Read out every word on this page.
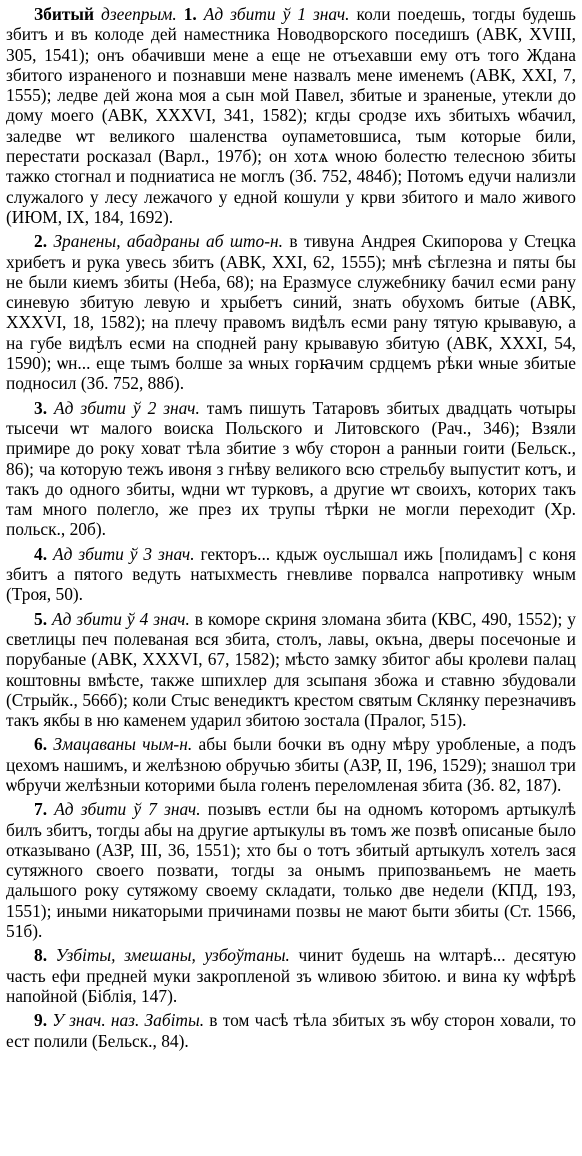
Збитый дзеепрым. 1. Ад збити ў 1 знач. коли поедешь, тогды будешь збитъ и въ колоде дей наместника Новодворского поседишъ (АВК, XVIII, 305, 1541); онъ обачивши мене а еще не отъехавши ему отъ того Ждана збитого израненого и познавши мене назвалъ мене именемъ (АВК, XXI, 7, 1555); ледве дей жона моя а сын мой Павел, збитые и зраненые, утекли до дому моего (АВК, XXXVI, 341, 1582); кгды сродзе ихъ збитыхъ ѡбачил, заледве ѡт великого шаленства оупаметовшиса, тым которые били, перестати росказал (Варл., 197б); он хотѧ ѡною болестю телесною збиты тажко стогнал и подниатиса не моглъ (Зб. 752, 484б); Потомъ едучи нализли служалого у лесу лежачого у едной кошули у крви збитого и мало живого (ИЮМ, IX, 184, 1692).

2. Зранены, абадраны аб што-н. в тивуна Андрея Скипорова у Стецка хрибетъ и рука увесь збитъ (АВК, XXI, 62, 1555); мнѣ сѣглезна и пяты бы не были киемъ збиты (Неба, 68); на Еразмусе служебнику бачил есми рану синевую збитую левую и хрыбетъ синий, знать обухомъ битые (АВК, XXXVI, 18, 1582); на плечу правомъ видѣлъ есми рану тятую крывавую, а на губе видѣлъ есми на сподней рану крывавую збитую (АВК, XXXI, 54, 1590); ѡн... еще тымъ болше за ѡных горꙗчим срдцемъ рѣки ѡные збитые подносил (Зб. 752, 88б).

3. Ад збити ў 2 знач. тамъ пишуть Татаровъ збитых двадцать чотыры тысечи ѡт малого воиска Польского и Литовского (Рач., 346); Взяли примире до року ховат тѣла збитие з ѡбу сторон а ранныи гоити (Бельск., 86); ча которую тежъ ивоня з гнѣву великого всю стрельбу выпустит котъ, и такъ до одного збиты, ѡдни ѡт турковъ, а другие ѡт своихъ, которих такъ там много полегло, же през их трупы тѣрки не могли переходит (Хр. польск., 20б).

4. Ад збити ў 3 знач. гекторъ... кдыж оуслышал ижь [полидамъ] с коня збитъ а пятого ведуть натыхместь гневливе порвалса напротивку ѡным (Троя, 50).

5. Ад збити ў 4 знач. в коморе скриня зломана збита (КВС, 490, 1552); у светлицы печ полеваная вся збита, столъ, лавы, окъна, дверы посечоные и порубаные (АВК, XXXVI, 67, 1582); мѣсто замку збитог абы кролеви палац коштовны вмѣсте, также шпихлер для зсыпаня збожа и ставню збудовали (Стрыйк., 566б); коли Стыс венедиктъ крестом святым Склянку перезначивъ такъ якбы в ню каменем ударил збитою зостала (Пралог, 515).

6. Змацаваны чым-н. абы были бочки въ одну мѣру уробленые, а подъ цехомъ нашимъ, и желѣзною обручью збиты (АЗР, II, 196, 1529); знашол три ѡбручи желѣзныи которими была голенъ переломленая збита (Зб. 82, 187).

7. Ад збити ў 7 знач. позывъ естли бы на одномъ которомъ артыкулѣ билъ збитъ, тогды абы на другие артыкулы въ томъ же позвѣ описаные было отказывано (АЗР, III, 36, 1551); хто бы о тотъ збитый артыкулъ хотелъ зася сутяжного своего позвати, тогды за онымъ припозваньемъ не маеть дальшого року сутяжому своему складати, только две недели (КПД, 193, 1551); иными никаторыми причинами позвы не мают быти збиты (Ст. 1566, 51б).

8. Узбіты, змешаны, узбоўтаны. чинит будешь на ѡлтарѣ... десятую часть ефи предней муки закропленой зъ ѡливою збитою. и вина ку ѡфѣрѣ напойной (Біблія, 147).

9. У знач. наз. Забіты. в том часѣ тѣла збитых зъ ѡбу сторон ховали, то ест полили (Бельск., 84).
